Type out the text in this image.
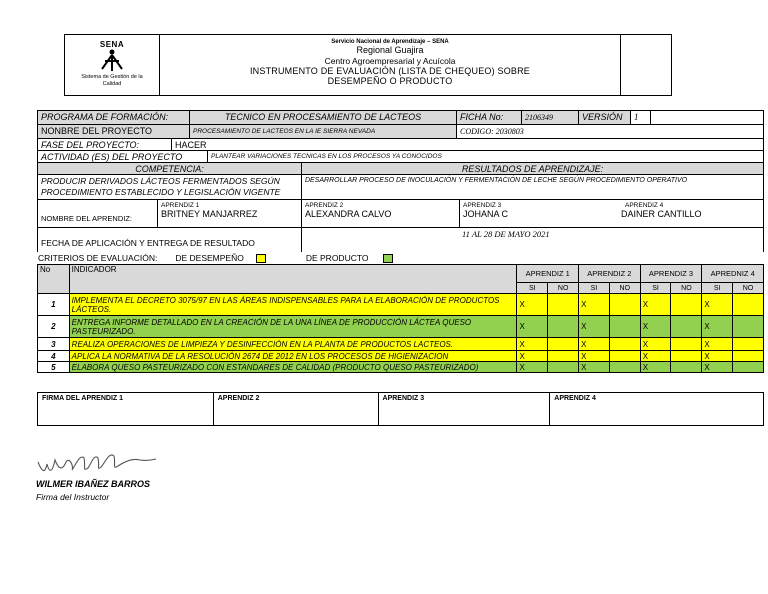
SENA
Sistema de Gestión de la Calidad
Servicio Nacional de Aprendizaje – SENA
Regional Guajira
Centro Agroempresarial y Acuícola
INSTRUMENTO DE EVALUACIÓN (LISTA DE CHEQUEO) SOBRE
DESEMPEÑO O PRODUCTO
PROGRAMA DE FORMACIÓN:	TECNICO EN PROCESAMIENTO DE LACTEOS	FICHA No:	2106349	VERSIÓN	1
NONBRE DEL PROYECTO	PROCESAMIENTO DE LACTEOS EN LA IE SIERRA NEVADA	CODIGO: 2030803
FASE DEL PROYECTO:	HACER
ACTIVIDAD (ES) DEL PROYECTO	PLANTEAR VARIACIONES TECNICAS EN LOS PROCESOS YA CONOCIDOS
COMPETENCIA:	RESULTADOS DE APRENDIZAJE:
PRODUCIR DERIVADOS LÁCTEOS FERMENTADOS SEGÚN PROCEDIMIENTO ESTABLECIDO Y LEGISLACIÓN VIGENTE
DESARROLLAR PROCESO DE INOCULACIÓN Y FERMENTACIÓN DE LECHE SEGÚN PROCEDIMIENTO OPERATIVO
NOMBRE DEL APRENDIZ:
APRENDIZ 1
BRITNEY MANJARREZ
APRENDIZ 2
ALEXANDRA CALVO
APRENDIZ 3
JOHANA C
APRENDIZ 4
DAINER CANTILLO
FECHA DE APLICACIÓN Y ENTREGA DE RESULTADO
11 AL 28 DE MAYO 2021
CRITERIOS DE EVALUACIÓN: DE DESEMPEÑO	DE PRODUCTO
No	INDICADOR	APRENDIZ 1		APRENDIZ 2		APRENDIZ 3		APREDNIZ 4	
		SI	NO	SI	NO	SI	NO	SI	NO
1	IMPLEMENTA EL DECRETO 3075/97 EN LAS ÁREAS INDISPENSABLES PARA LA ELABORACIÓN DE PRODUCTOS LÁCTEOS.	X		X		X		X	
2	ENTREGA INFORME DETALLADO EN LA CREACIÓN DE LA UNA LÍNEA DE PRODUCCIÓN LÁCTEA QUESO PASTEURIZADO.	X		X		X		X	
3	REALIZA OPERACIONES DE LIMPIEZA Y DESINFECCIÓN EN LA PLANTA DE PRODUCTOS LACTEOS.	X		X		X		X	
4	APLICA LA NORMATIVA DE LA RESOLUCIÓN 2674 DE 2012 EN LOS PROCESOS DE HIGIENIZACION	X		X		X		X	
5	ELABORA QUESO PASTEURIZADO CON ESTANDARES DE CALIDAD (PRODUCTO QUESO PASTEURIZADO)	X		X		X		X	
FIRMA DEL APRENDIZ 1	APRENDIZ 2	APRENDIZ 3	APRENDIZ 4
WILMER IBAÑEZ BARROS
Firma del Instructor
